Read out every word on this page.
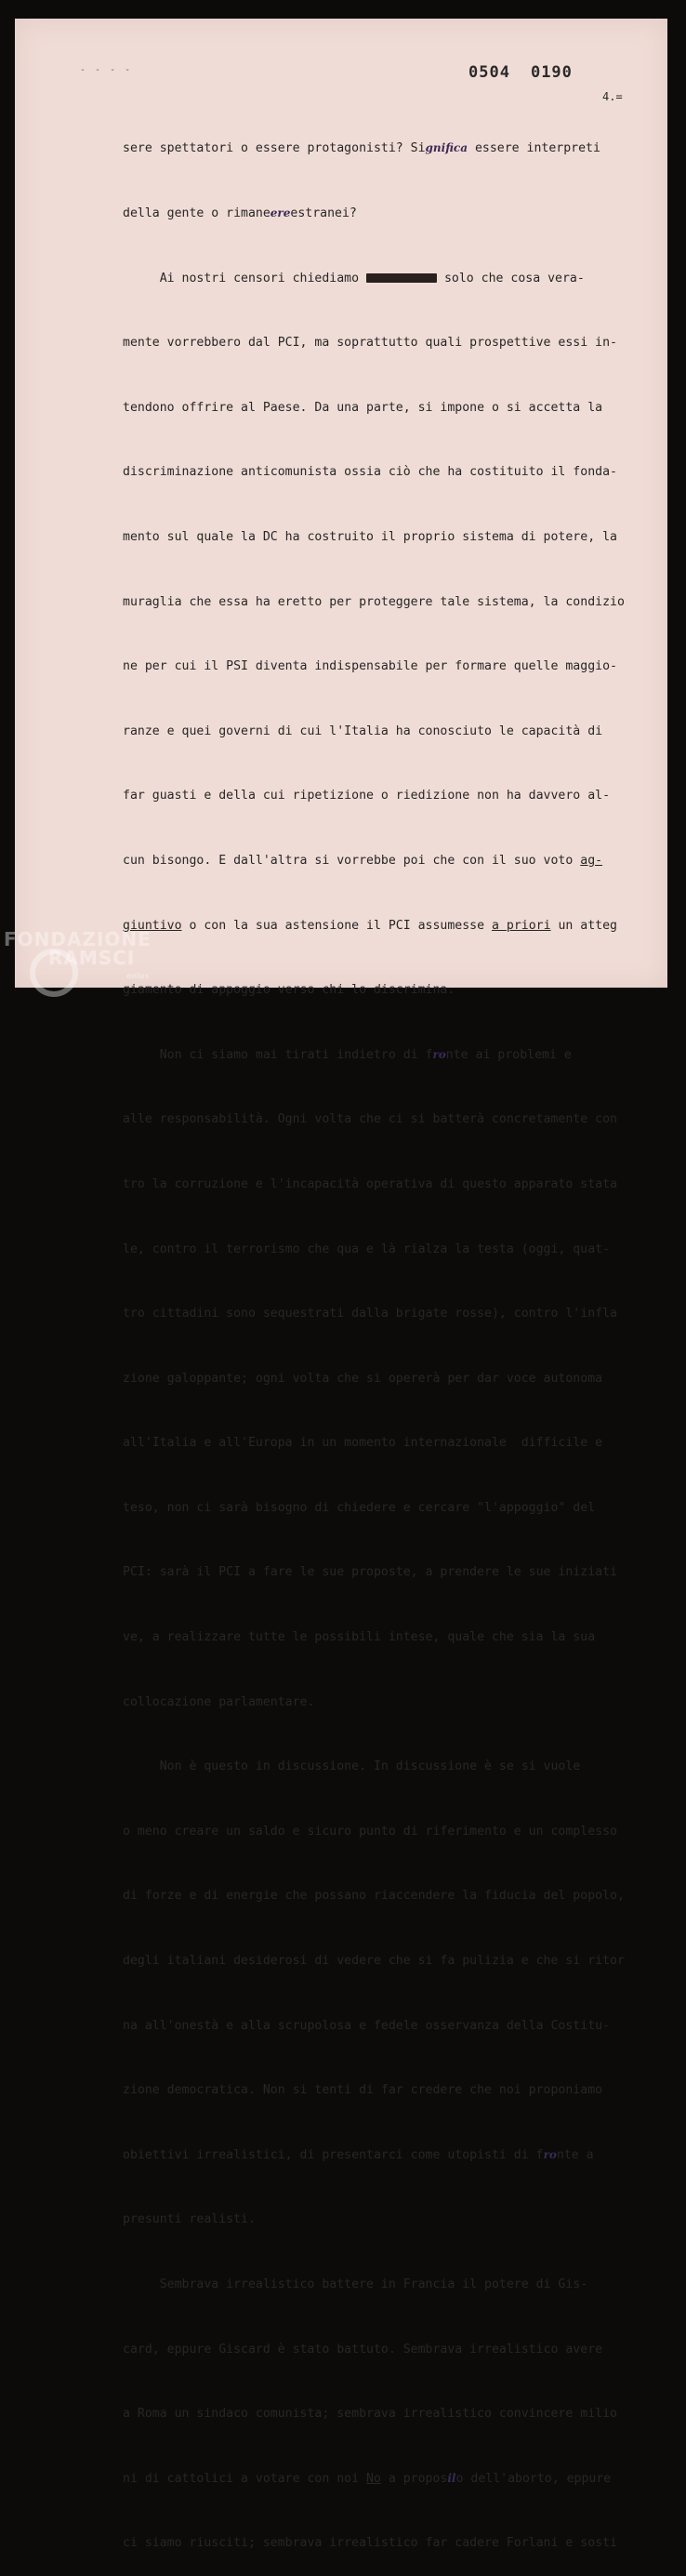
- - - -	0504 0190
4.=

sere spettatori o essere protagonisti? Significa essere interpreti

della gente o rimaneereestranei?

Ai nostri censori chiediamo	solo che cosa vera-

mente vorrebbero dal PCI, ma soprattutto quali prospettive essi in-

tendono offrire al Paese. Da una parte, si impone o si accetta la

discriminazione anticomunista ossia ciò che ha costituito il fonda-

mento sul quale la DC ha costruito il proprio sistema di potere, la

muraglia che essa ha eretto per proteggere tale sistema, la condizio

ne per cui il PSI diventa indispensabile per formare quelle maggio-

ranze e quei governi di cui l'Italia ha conosciuto le capacità di

far guasti e della cui ripetizione o riedizione non ha davvero al-

cun bisongo. E dall'altra si vorrebbe poi che con il suo voto ag-

giuntivo o con la sua astensione il PCI assumesse a priori un atteg

giamento di appoggio verso chi lo discrimina.

Non ci siamo mai tirati indietro di fronte ai problemi e

alle responsabilità. Ogni volta che ci si batterà concretamente con

tro la corruzione e l'incapacità operativa di questo apparato stata

le, contro il terrorismo che qua e là rialza la testa (oggi, quat-

tro cittadini sono sequestrati dalla brigate rosse), contro l'infla

zione galoppante; ogni volta che si opererà per dar voce autonoma

all'Italia e all'Europa in un momento internazionale  difficile e

teso, non ci sarà bisogno di chiedere e cercare "l'appoggio" del

PCI: sarà il PCI a fare le sue proposte, a prendere le sue iniziati

ve, a realizzare tutte le possibili intese, quale che sia la sua

collocazione parlamentare.

Non è questo in discussione. In discussione è se si vuole

o meno creare un saldo e sicuro punto di riferimento e un complesso

di forze e di energie che possano riaccendere la fiducia del popolo,

degli italiani desiderosi di vedere che si fa pulizia e che si ritor

na all'onestà e alla scrupolosa e fedele osservanza della Costitu-

zione democratica. Non si tenti di far credere che noi proponiamo

obiettivi irrealistici, di presentarci come utopisti di fronte a

presunti realisti.

Sembrava irrealistico battere in Francia il potere di Gis-

card, eppure Giscard è stato battuto. Sembrava irrealistico avere

a Roma un sindaco comunista; sembrava irrealistico convincere milio

ni di cattolici a votare con noi No a proposilo dell'aborto, eppure

ci siamo riusciti; sembrava irrealistico far cadere Forlani e sosti

FONDAZIONE
RAMSCI
onlus
